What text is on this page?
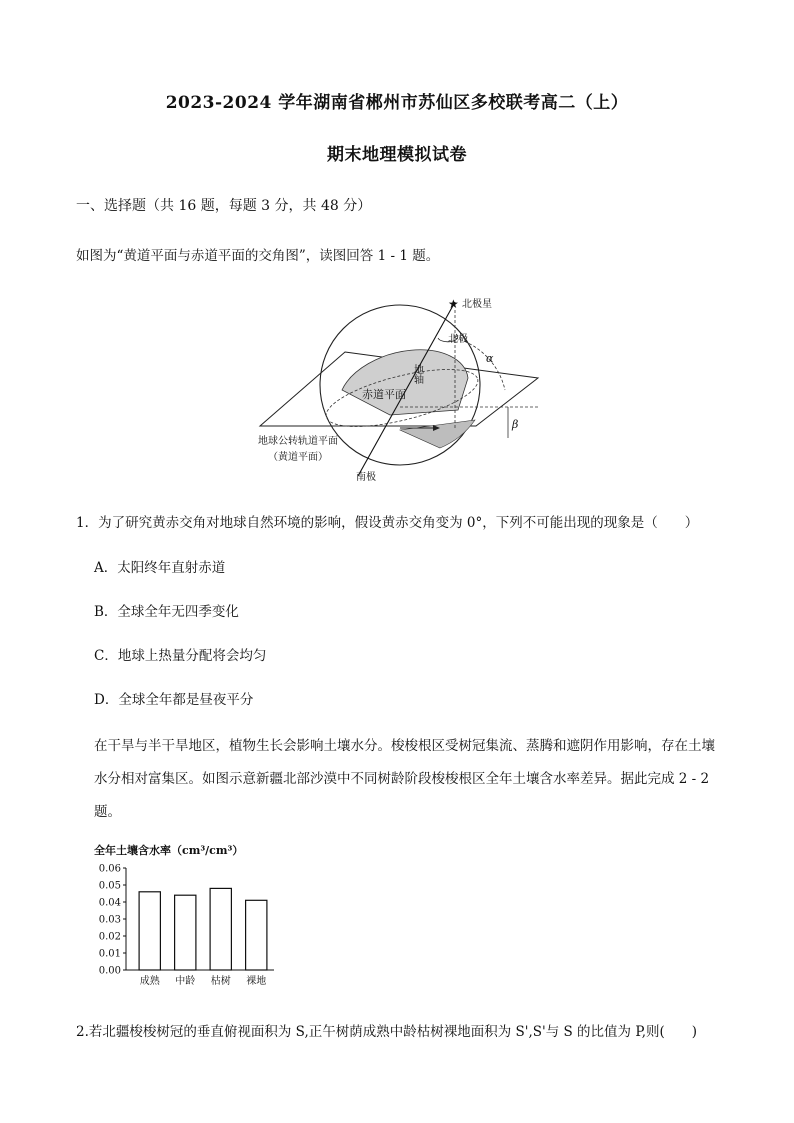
2023-2024 学年湖南省郴州市苏仙区多校联考高二（上）
期末地理模拟试卷
一、选择题（共 16 题，每题 3 分，共 48 分）
如图为“黄道平面与赤道平面的交角图”，读图回答 1 - 1 题。
★ 北极星
北极
地轴
α
β
赤道平面
地球公转轨道平面
（黄道平面）
南极
1．为了研究黄赤交角对地球自然环境的影响，假设黄赤交角变为 0°，下列不可能出现的现象是（　　）
A．太阳终年直射赤道
B．全球全年无四季变化
C．地球上热量分配将会均匀
D．全球全年都是昼夜平分
在干旱与半干旱地区，植物生长会影响土壤水分。梭梭根区受树冠集流、蒸腾和遮阴作用影响，存在土壤水分相对富集区。如图示意新疆北部沙漠中不同树龄阶段梭梭根区全年土壤含水率差异。据此完成 2 - 2 题。
全年土壤含水率（cm³/cm³）
0.06
0.05
0.04
0.03
0.02
0.01
0.00
成熟 中龄 枯树 裸地
2.若北疆梭梭树冠的垂直俯视面积为 S,正午树荫成熟中龄枯树裸地面积为 S',S'与 S 的比值为 P,则(　　)
